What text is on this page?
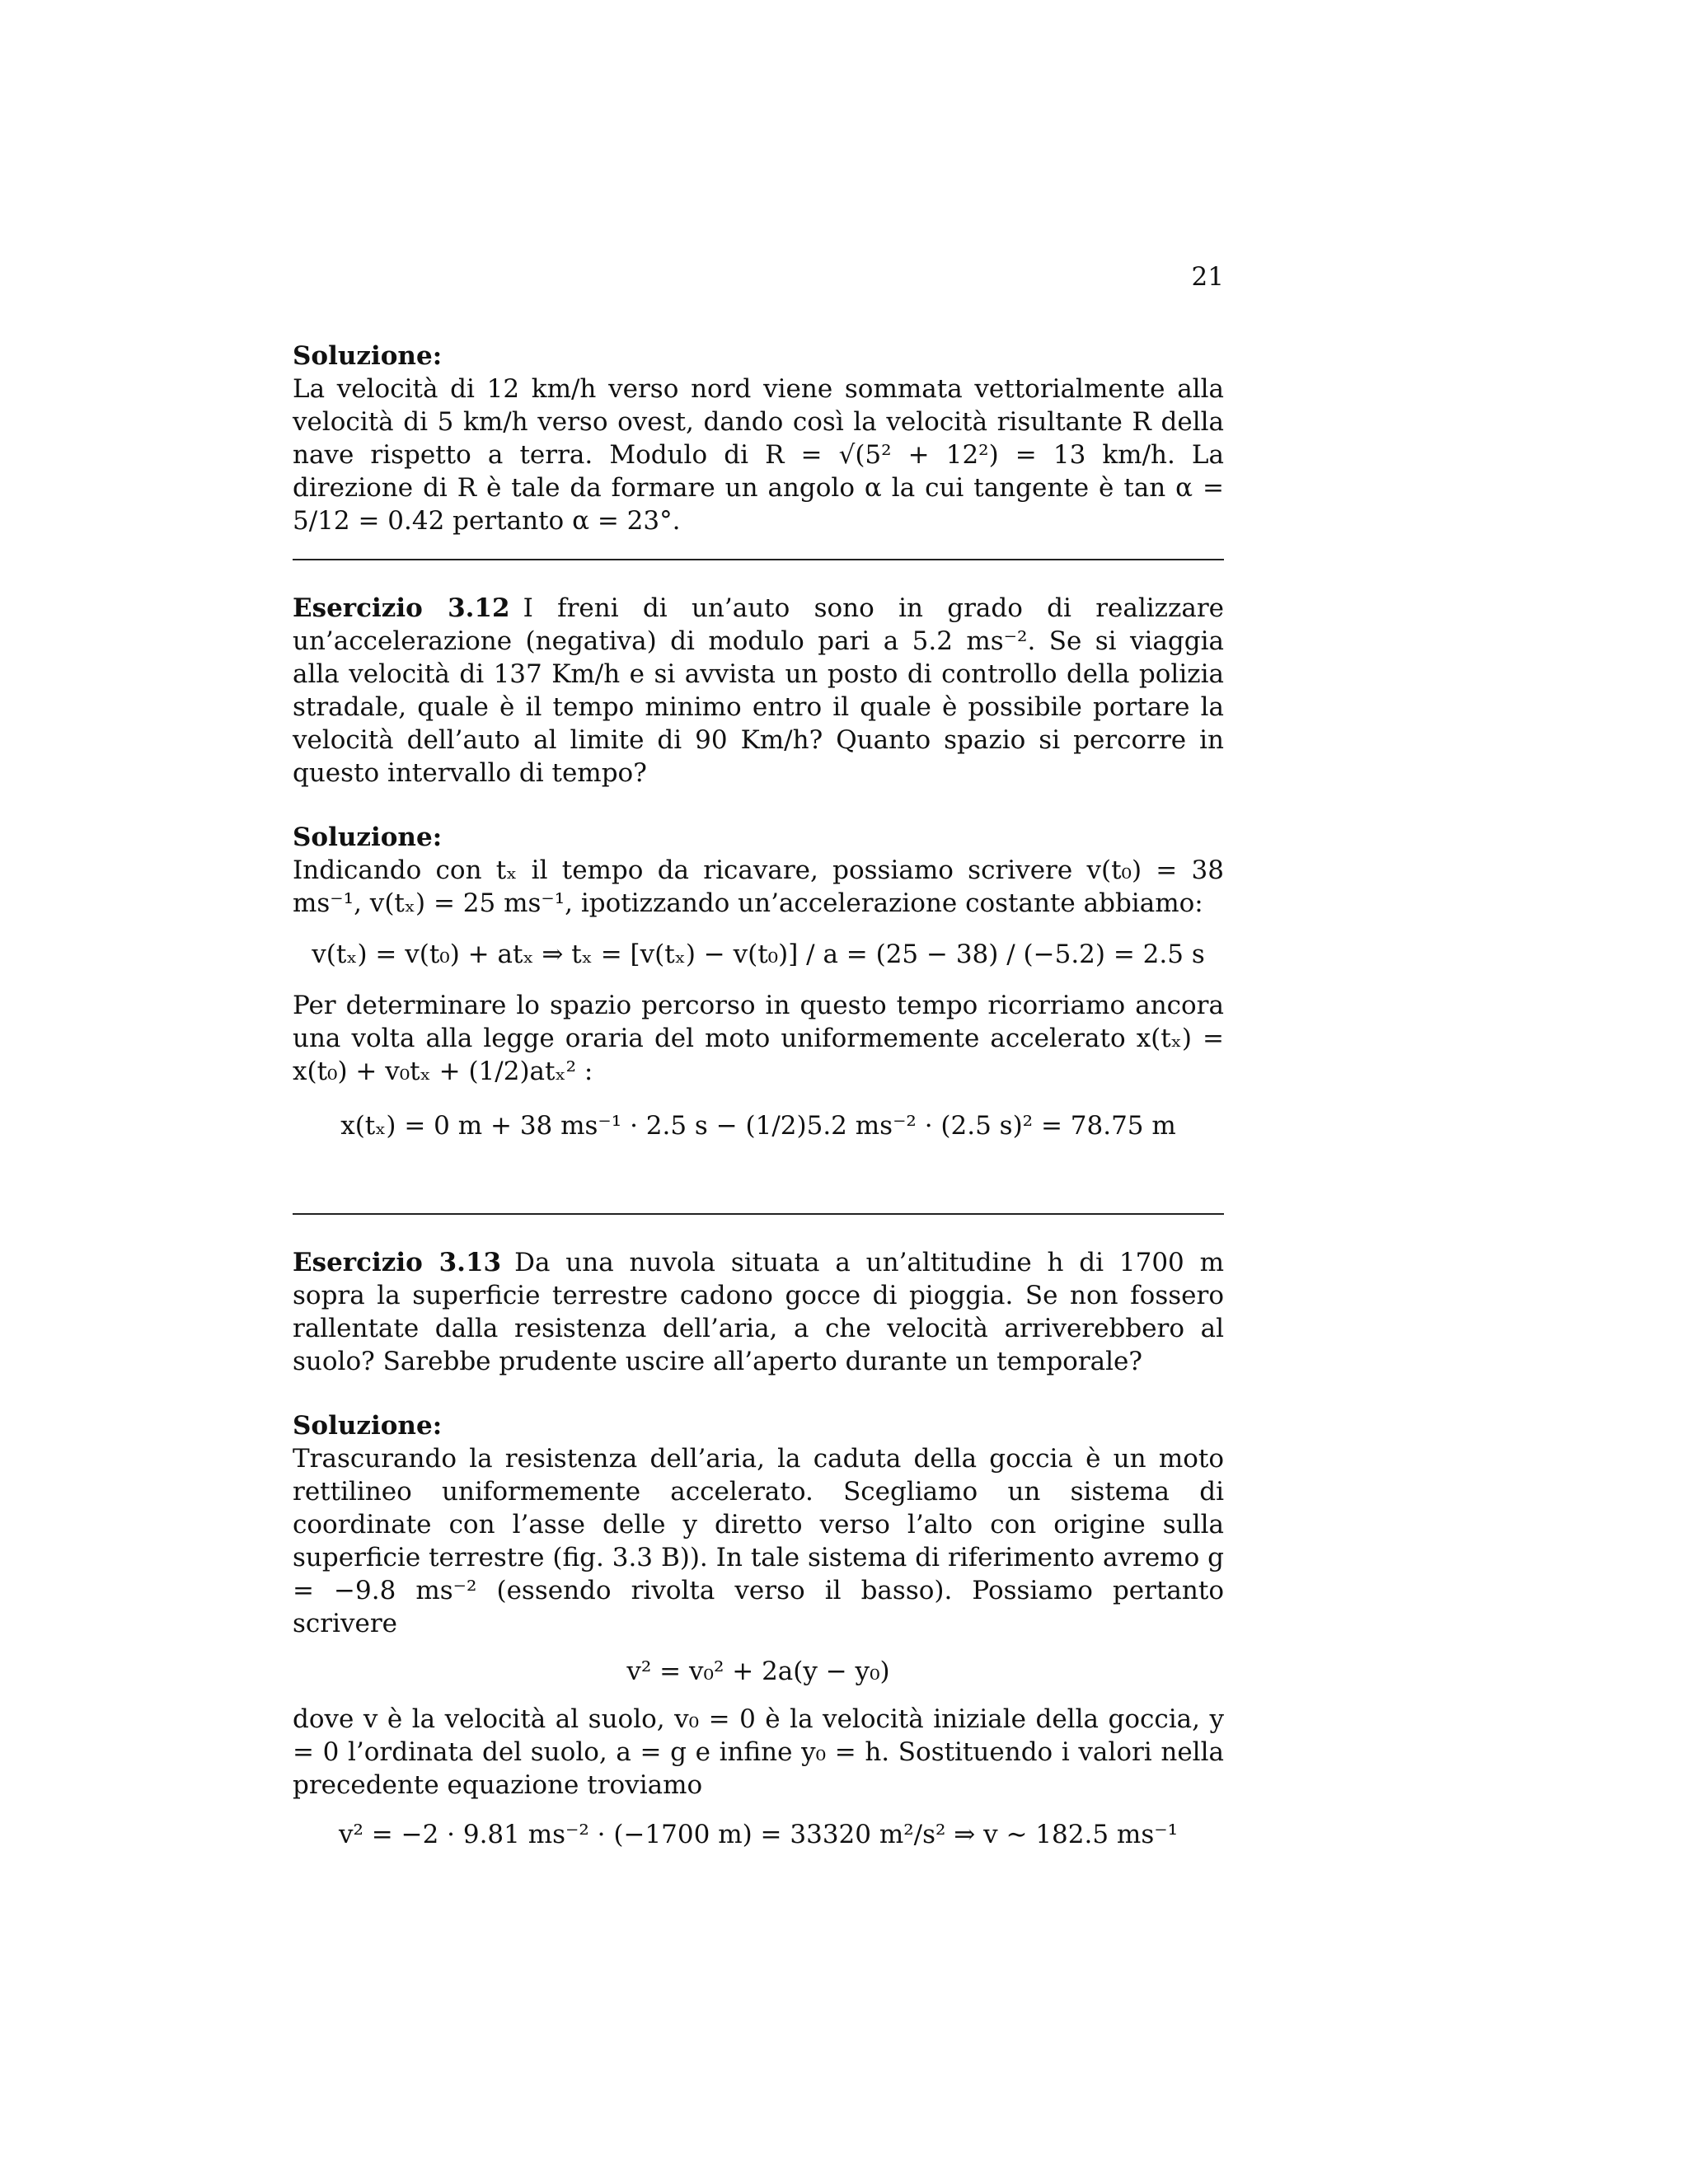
21

Soluzione:

La velocità di 12 km/h verso nord viene sommata vettorialmente alla velocità di 5 km/h verso ovest, dando così la velocità risultante R della nave rispetto a terra. Modulo di R = √(5² + 12²) = 13 km/h. La direzione di R è tale da formare un angolo α la cui tangente è tan α = 5/12 = 0.42 pertanto α = 23°.

Esercizio 3.12 I freni di un’auto sono in grado di realizzare un’accelerazione (negativa) di modulo pari a 5.2 ms⁻². Se si viaggia alla velocità di 137 Km/h e si avvista un posto di controllo della polizia stradale, quale è il tempo minimo entro il quale è possibile portare la velocità dell’auto al limite di 90 Km/h? Quanto spazio si percorre in questo intervallo di tempo?

Soluzione:

Indicando con tₓ il tempo da ricavare, possiamo scrivere v(t₀) = 38 ms⁻¹, v(tₓ) = 25 ms⁻¹, ipotizzando un’accelerazione costante abbiamo:

v(tₓ) = v(t₀) + atₓ ⇒ tₓ = [v(tₓ) − v(t₀)] / a = (25 − 38) / (−5.2) = 2.5 s

Per determinare lo spazio percorso in questo tempo ricorriamo ancora una volta alla legge oraria del moto uniformemente accelerato x(tₓ) = x(t₀) + v₀tₓ + (1/2)atₓ² :

x(tₓ) = 0 m + 38 ms⁻¹ · 2.5 s − (1/2)5.2 ms⁻² · (2.5 s)² = 78.75 m

Esercizio 3.13 Da una nuvola situata a un’altitudine h di 1700 m sopra la superficie terrestre cadono gocce di pioggia. Se non fossero rallentate dalla resistenza dell’aria, a che velocità arriverebbero al suolo? Sarebbe prudente uscire all’aperto durante un temporale?

Soluzione:

Trascurando la resistenza dell’aria, la caduta della goccia è un moto rettilineo uniformemente accelerato. Scegliamo un sistema di coordinate con l’asse delle y diretto verso l’alto con origine sulla superficie terrestre (fig. 3.3 B)). In tale sistema di riferimento avremo g = −9.8 ms⁻² (essendo rivolta verso il basso). Possiamo pertanto scrivere

v² = v₀² + 2a(y − y₀)

dove v è la velocità al suolo, v₀ = 0 è la velocità iniziale della goccia, y = 0 l’ordinata del suolo, a = g e infine y₀ = h. Sostituendo i valori nella precedente equazione troviamo

v² = −2 · 9.81 ms⁻² · (−1700 m) = 33320 m²/s² ⇒ v ∼ 182.5 ms⁻¹
